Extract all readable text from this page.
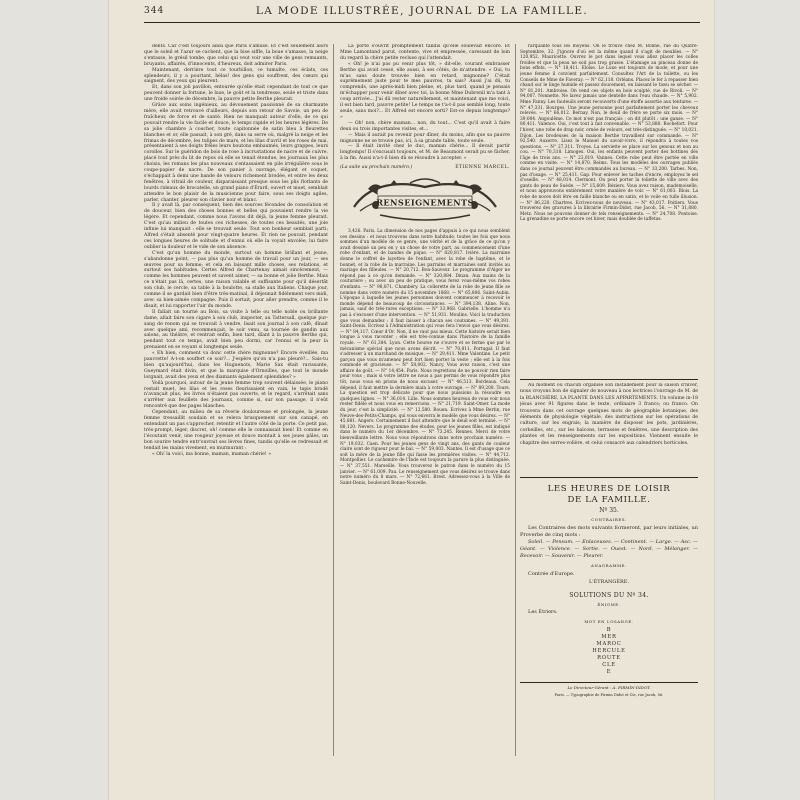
344	LA MODE ILLUSTRÉE, JOURNAL DE LA FAMILLE.

dents. Car c'est toujours ainsi que Paris s'amuse. Et c'est seulement alors que le soleil et l'azur se cachent, que la bise siffle, la boue s'amasse, la neige s'entasse, le grésil tombe, que celui qui veut voir une ville de gens remuants, bruyants, affairés, d'innocents, d'heureux, doit admirer Paris.

Maintenant, derrière tout ce tourbillon, ce tumulte, ces éclats, ces splendeurs, il y a pourtant, hélas! des gens qui souffrent, des cœurs qui saignent, des yeux qui pleurent.

Et, dans son joli pavillon, entourée qu'elle était cependant de tout ce que peuvent donner la fortune, le luxe, le goût et la tendresse, seule et triste dans une froide soirée de décembre, la pauvre petite Berthe pleurait.

Grâce aux soins ingénieux, au dévouement passionné de sa charmante mère, elle avait retrouvé d'ailleurs, depuis son retour de Savoie, un peu de fraîcheur, de force et de santé. Rien ne manquait autour d'elle, de ce qui pouvait rendre la vie facile et douce, le temps rapide et les heures légères. De sa jolie chambre à coucher, toute capitonnée de satin bleu à fleurettes blanches et or, elle passait, à son gré, dans sa serre où, malgré la neige et les frimas de décembre, les tulipes de mars, et les lilas d'avril et les roses de mai, présentaient à ses doigts frêles leurs boutons embaumés, leurs grappes, leurs corolles. Sur le guéridon de bois de rose à incrustations de nacre et de cuivre, placé tout près du lit de repos où elle se tenait étendue, les journaux les plus choisis, les romans les plus nouveaux s'entassaient en pile irrégulière sous le coupe-papier de nacre. De son panier à ouvrage, élégant et coquet, s'échappait à demi une bande de velours richement brodée, et entre les deux fenêtres, à vitrail de couleur, disparaissant presque sous les plis flottants de lourds rideaux de brocatelle, un grand piano d'Érard, ouvert et muet, semblait attendre le bon plaisir de la musicienne pour faire, sous ses doigts agiles, parler, chanter, pleurer son clavier noir et blanc.

Il y avait là, par conséquent, bien des sources fécondes de consolation et de douceur, bien des choses bonnes et belles qui pouvaient rendre la vie légère. Et cependant, comme nous l'avons dit déjà, la jeune femme pleurait. C'est qu'au milieu de toutes ces richesses, de toutes ces beautés, une joie infinie lui manquait : elle se trouvait seule. Tout son bonheur semblait parti; Alfred s'était absenté pour vingt-quatre heures. Et rien ne pouvait, pendant ces longues heures de solitude et d'ennui où elle la voyait envolée, lui faire oublier la douleur et le vide de son absence.

C'est qu'un homme du monde, surtout un homme brillant et jeune, s'abandonne point, — pas plus qu'un homme de travail pour un jour, — ses œuvres pour sa femme; et cela en laissant mille choses, ses relations, et surtout ses habitudes. Certes Alfred de Chartenay aimait sincèrement, — comme les hommes peuvent et savent aimer, — sa bonne et jolie Berthe. Mais ce n'était pas là, certes, une raison valable et suffisante pour qu'il désertât son club, le cercle, sa table à la boulotte, sa stalle aux Italiens. Chaque jour, comme il se gardait bien d'être très-matinal, il déjeunait fidèlement vers midi, avec sa bien-aimée compagne. Puis il sortait, pour aller prendre, comme il le disait, et lui rapporter l'air du monde.

Il fallait un tourné au Bois, sa visite à telle ou telle noble ou brillante dame, allait faire son cigare à son club, inspecter, au Tattersall, quelque pur-sang de renom qui se trouvait à vendre, lisait son journal à son café, dînait avec quelque ami, recommençait, le soir venu, sa tournée de gandin aux salons, au théâtre, et rentrait enfin, bien tard, dîant à la pauvre Berthe qui, pendant tout ce temps, avait bien peu dormi, car l'ennui et la peur la prenaient en se voyant si longtemps seule.

« Eh bien, comment va donc cette chère mignonne? Encore éveillée, ma pauvrette! A-t-on souffert ce soir?... J'espère qu'on n'a pas pleuré?... Sais-tu bien qu'aujourd'hui, dans les Huguenots, Marie Sax était ravissante, Gueymard était divin, et que la marquise d'Ornoilles, que tout le monde lorgnait, avait des yeux et des diamants également splendides? »

Voilà pourquoi, autour de la jeune femme trop souvent délaissée, le piano restait muet, les lilas et les roses fleurissaient en vain, le tapis brodé n'avançait plus, les livres n'étaient pas ouverts, et le regard, s'arrêtait sans s'arrêter aux feuillets des journaux, comme si, sur son passage, il n'eût rencontré que des pages blanches.

Cependant, au milieu de sa rêverie douloureuse et prolongée, la jeune femme tressaillit soudain et se releva brusquement sur son canapé, en entendant un pas s'approcher, retentir et l'autre côté de la porte. Ce petit pas, très-prompt, léger, discret, oh! comme elle le connaissait bien! Et comme en l'écoutant venir, une rougeur joyeuse et douce montait à ses joues pâles, un bon sourire tendre entr'ouvrait ses lèvres fines, tandis qu'elle se redressait et tendait les mains vivement, en murmurant :

« Oh! la voici, ma bonne, maman, maman chérie! »

La porte s'ouvrit promptement tandis qu'elle soulevait encore. Et Mme Lamontand parut, contente, vive et empressée, caressant de loin du regard la chère petite recluse qui l'attendait.

« Oh! je n'ai pas pu venir plus tôt, » dit-elle, courant embrasser Berthe qui avait cessé, elle aussi, à ses côtés, de m'attendre. « Oui, tu m'as sans doute trouvée bien en retard, mignonne? C'était suprêmement juste pour te mes pauvres, tu sais? Aussi j'ai dû, tu comprends, une après-midi bien pleine, et, plus tard, quand je pensais m'échapper pour venir dîner avec toi, la bonne Mme Dubrenil m'a tant à coup arrivée... J'ai dû rester naturellement, et maintenant que me voici, il est bien tard, pauvre petite! Le temps ne t'a-t-il pas semblé long, toute seule, sans moi?... Et Alfred est encore sorti? Est-ce depuis longtemps? »

— Oh! non, chère maman... non, du tout... C'est qu'il avait à faire deux ou trois importantes visites, et...

— Mais il aurait pu revenir pour dîner, du moins, afin que sa pauvre mignonne ne se trouve pas, ici, à sa grande table, toute seule.

— Il était invité chez le duc, maman chérie... Il devait partir longtemps! Il s'excusait toujours, et M. de Beaumont serait pu se fâcher, à la fin. Aussi n'a-t-il bien dû se résoudre à accepter. »

(La suite au prochain numéro.)	ÉTIENNE MARCEL.
RENSEIGNEMENTS

3,426. Paris. La dimension de nos pages d'appuis à ce qui nous semblent ces dessins : et nous trouvons dans notre habitude, toutes les fois que nous sommes d'un modèle de ce genre, une vérité et de la grâce de ce qu'on y avait dessiné un peu en y un chose de votre part, au commencement d'une robe d'enfant, et de bandes de pique. — N° 820,817. Ivière. La marraine donne le coffret de layettes de l'enfant, avec la robe de baptême, et le bonnet, et la robe de la marraine. Les parrains et marraines sont invités au mariage des filleules. — N° 20,712. Bon-Sauveur. Le programme d'Alger ne répond pas à ce qu'on demande. — N° 320,884. Dinan. Aux mains de la couturière ; ou avec un peu de pratique, vous ferez vous-même vos robes d'enfants. — N° 98,871. Chambéry. La collerette de la robe de jeune fille se nomme dans votre numéro du 15 novembre 1868. — N° 65,806. Saint-Aubin. L'époque à laquelle les jeunes personnes doivent commencer à recevoir le monde dépend de beaucoup de circonstances. — N° 394,138. Aline. Non, jamais, sauf de très-rares exceptions. — N° 33,968. Gabrielle. L'homme n'a pas à s'excuser d'une intervention. — N° 51,931. Moulins. Voici la traduction que vous demandez : il faut laisser à chacun ses coutumes. — N° 49,391. Saint-Denis. Ecrivez à l'Administration qui vous fera l'envoi que vous désirez. — N° 84,117. Cœur d'Or. Non, il ne vaut pas mieux. Cette histoire serait bien longue à vous raconter ; elle est très-connue dans l'histoire de la famille royale. — N° 61,384. Lyon. Cette bourse ne s'ouvre et se ferme que par le mécanisme spécial que nous avons décrit. — N° 70,811. Portugal. Il faut s'adresser à un marchand de musique. — N° 29,411. Mme Valentine. Le petit garçon que vous m'amenez peut fort bien porter la veste ; elle est à la fois commode et gracieuse. — N° 58,002. Nancy. Vous avez raison, c'est une affaire de goût. — N° 14,454. Paris. Nous regrettons de ne pouvoir rien faire pour vous ; mais si votre lettre ne nous a pas permis de vous répondre plus tôt, nous vous en prions de nous excuser. — N° 46,513. Bordeaux. Cela dépend, il faut mettre la dernière main à votre ouvrage. — N° 89,208. Tours. La question est trop délicate pour que nous puissions la résoudre en quelques lignes. — N° 36,014. Lille. Nous sommes heureux de vous voir nous rester fidèle et nous vous en remercions. — N° 21,719. Saint-Omer. La mode du jour, c'est la simplicité. — N° 12,580. Rouen. Ecrivez à Mme Bertin, rue Neuve-des-Petits-Champs, qui vous enverra le modèle que vous désirez. — N° 45,881. Angers. Certainement il faut attendre que le deuil soit terminé. — N° 88,120. Nevers. Le programme des études, pour les jeunes filles, est indiqué dans le numéro du 1er décembre. — N° 73,245. Rennes. Merci de votre bienveillante lettre. Nous vous répondrons dans notre prochain numéro. — N° 19,032. Caen. Pour les jeunes gens de vingt ans, des gants de couleur claire sont de rigueur pour le bal. — N° 59,003. Nantes. Il est d'usage que ce soit la mère de la jeune fille qui fasse les premières visites. — N° 44,712. Montpellier. Le cachemire de l'Inde est toujours la parure la plus distinguée. — N° 37,551. Marseille. Vous trouverez le patron dans le numéro du 15 janvier. — N° 61,009. Pau. Le renseignement que vous désirez se trouve dans notre numéro du 8 mars. — N° 72,661. Brest. Adressez-vous à la Ville de Saint-Denis, boulevard Bonne-Nouvelle.

rarquante tous les moyens. On le trouve chez M. Bonne, rue du Quatre-Septembre, 32. J'ignore d'où est la même quand il s'agit de meubles. — N° 120,952. Mauricette. Ouvrez le pot dans lequel vous allez placer les colles froides et que la peau ne soit pas trop grasse. L'étamage au pinceau donne de bons effets. — N° 18,411. Eloïse. Le Luxe est toujours de mode, et pour une jeune femme il convient parfaitement. Consultez l'Art de la toilette, ou les Conseils de Mme de Faveray. — N° 62,118. Orléans. Placez le fer à repasser bien chaud sur le linge humide et passez doucement, en laissant le tissu se sécher. — N° 81,201. Ambroise. On vend ces objets en bois sculpté, rue de Rivoli. — N° 94,007. Nonnette. Ne lavez jamais une dentelle dans l'eau chaude. — N° 5,902. Mme Fanny. Les fauteuils seront recouverts d'une étoffe assortie aux tentures. — N° 47,331. Bourges. Une jeune personne peut parfaitement porter les cheveux relevés. — N° 66,012. Bernay. Non, le deuil de frère se porte six mois. — N° 39,004. Angoulême. Ce mot n'est pas français ; on dit plutôt : une ganse. — N° 80,411. Valence. Oui, c'est tout à fait convenable. — N° 53,880. Rochefort. Pour l'hiver, une robe de drap noir, ornée de velours, est très-distinguée. — N° 10,021. Dijon. Les brodeuses de la maison Berthe travaillent sur commande. — N° 92,540. Auxerre. Lisez le Manuel du savoir-vivre, il répondra à toutes vos questions. — N° 27,311. Troyes. La serviette se place sur les genoux et non au cou. — N° 70,318. Limoges. Oui, les enfants peuvent porter des bottines dès l'âge de trois ans. — N° 23,019. Vannes. Cette robe peut être portée en ville comme en visite. — N° 14,870. Reims. Tous les modèles des ouvrages publiés dans ce journal peuvent être commandés au bureau. — N° 33,200. Tarbes. Non, pas d'usage. — N° 25,411. Gap. Pour enlever les taches d'encre, employez le sel d'oseille. — N° 48,014. Clermont. On peut porter la toilette de ville avec des gants de peau de Suède. — N° 15,609. Béziers. Vous avez raison, mademoiselle, et nous approuvons entièrement votre manière de voir. — N° 61,003. Blois. La robe de noces doit être en faille blanche ou en satin, et le voile en tulle illusion. — N° 86,220. Chartres. Ecrivez-nous de nouveau. — N° 43,017. Poitiers. Vous trouverez des gravures à la librairie Firmin-Didot, rue Jacob, 56. — N° 31,880. Metz. Nous ne pouvons donner de tels renseignements. — N° 24,708. Pontoise. La grenadine se porte encore cet hiver, mais doublée de taffetas.

Au moment où chacun organise son installement pour la saison d'hiver, nous croyons bon de signaler de nouveau à nos lectrices l'ouvrage de M. de la BLANCHÈRE, LA PLANTE DANS LES APPARTEMENTS. Un volume in-18 jésus avec 91 figures dans le texte, ordinaire 3 francs; ou franco. On trouvera dans cet ouvrage quelques mots de géographie botanique, des éléments de physiologie végétale, des instructions sur les opérations de culture, sur les engrais; la manière de disposer les pots, jardinières, corbeilles, etc., sur les balcons, terrasses et fenêtres, une description des plantes et les renseignements sur les expositions. Viennent ensuite le chapitre des serres-volière, et celui consacré aux calendriers horticoles.

LES HEURES DE LOISIR
DE LA FAMILLE.
Nº 35.
CONTRAIRES.

Les Contraires des mots suivants formeront, par leurs initiales, un Proverbe de cinq mots :

Soleil. — Pensum. — Enlaceuses. — Continent. — Large. — Asc. — Géant. — Violence. — Sortie. — Ouest. — Nord. — Mélanger. — Recevoir. — Souvenir. — Pleurer.

ANAGRAMME.

Contrée d'Europe.

L'ÉTRANGÈRE.
SOLUTIONS DU Nº 34.
ÉNIGME.

Les Étriers.

MOT EN LOSANGE.
B
MER
MAROC
HERCULE
ROUTE
CLE
E
Le Directeur-Gérant : A. FIRMIN-DIDOT.
Paris. — Typographie de Firmin Didot et Cie, rue Jacob, 56.
